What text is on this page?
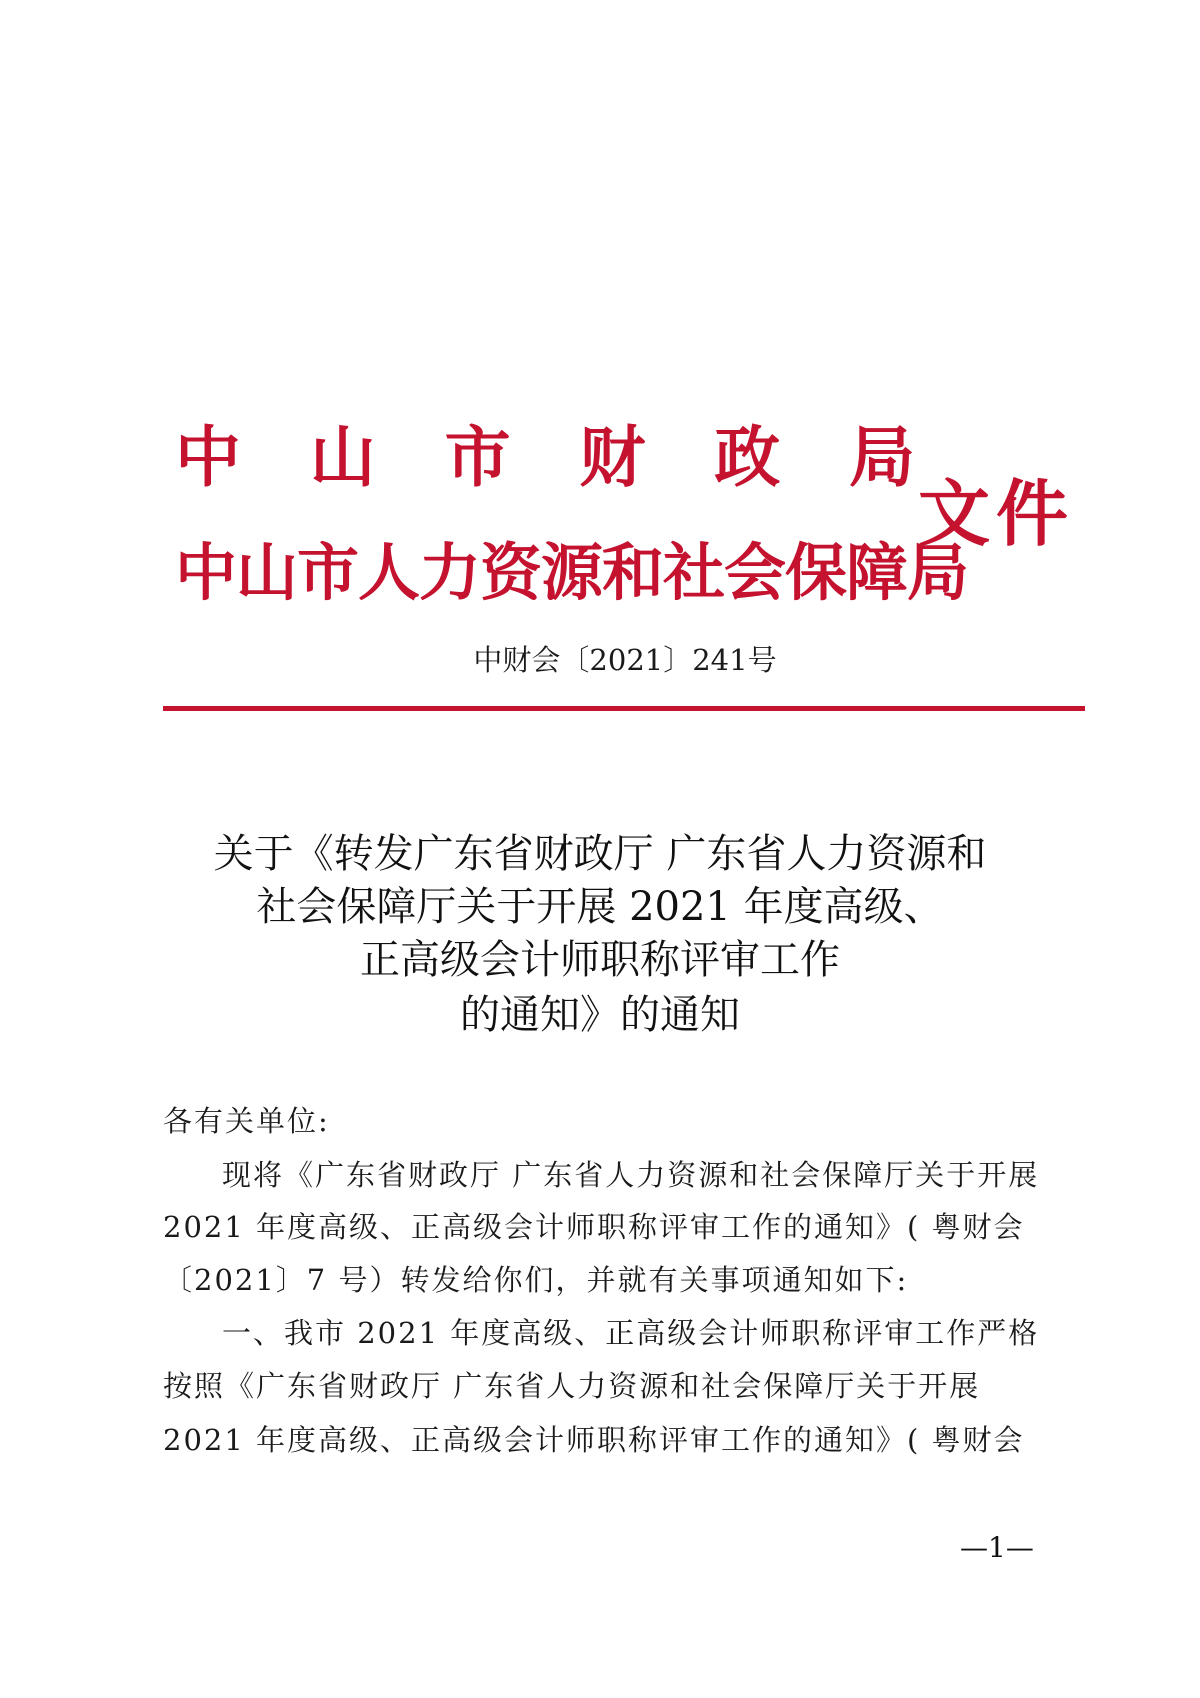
中 山 市 财 政 局
中山市人力资源和社会保障局
文件
中财会〔2021〕241号
关于《转发广东省财政厅 广东省人力资源和
社会保障厅关于开展 2021 年度高级、
正高级会计师职称评审工作
的通知》的通知
各有关单位:
现将《广东省财政厅 广东省人力资源和社会保障厅关于开展
2021 年度高级、正高级会计师职称评审工作的通知》( 粤财会
〔2021〕7 号）转发给你们，并就有关事项通知如下:
一、我市 2021 年度高级、正高级会计师职称评审工作严格
按照《广东省财政厅 广东省人力资源和社会保障厅关于开展
2021 年度高级、正高级会计师职称评审工作的通知》( 粤财会
—1—
